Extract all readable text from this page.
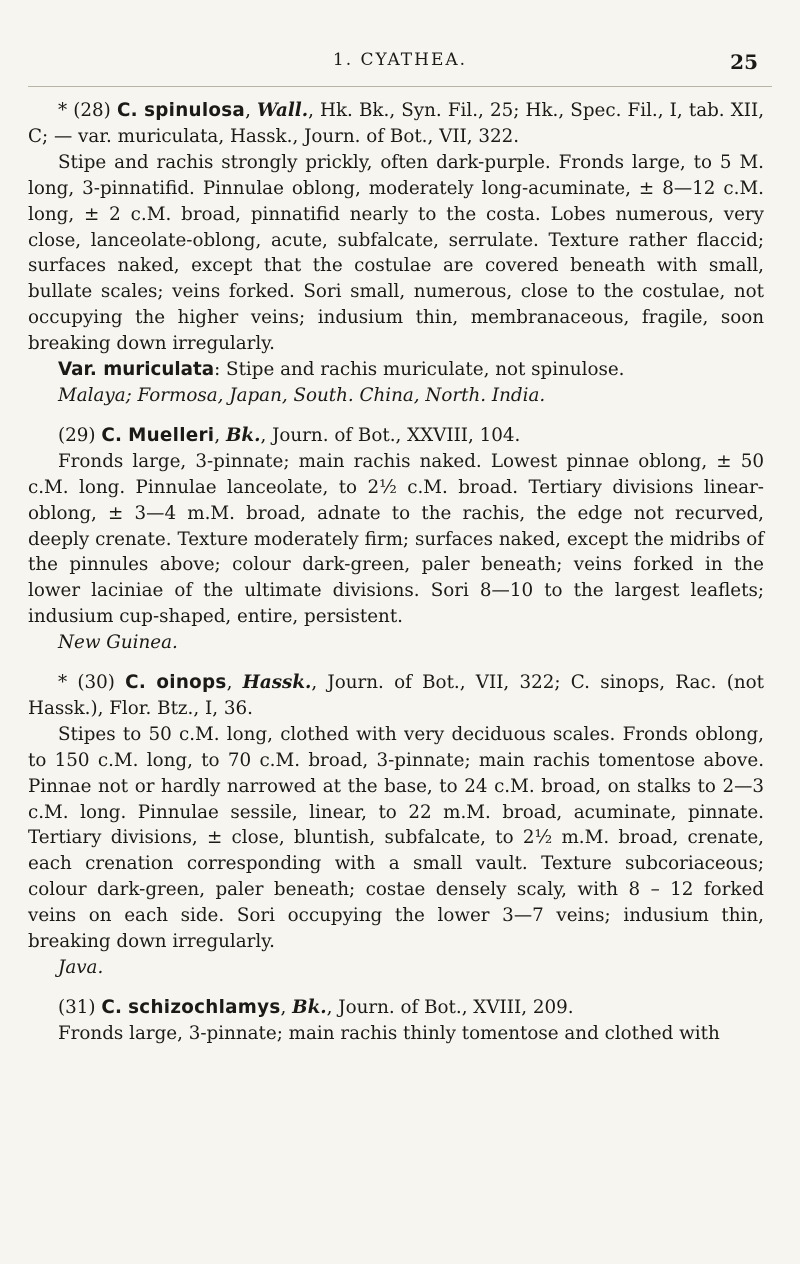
1. CYATHEA.	25

* (28) C. spinulosa, Wall., Hk. Bk., Syn. Fil., 25; Hk., Spec. Fil., I, tab. XII, C; — var. muriculata, Hassk., Journ. of Bot., VII, 322.

Stipe and rachis strongly prickly, often dark-purple. Fronds large, to 5 M. long, 3-pinnatifid. Pinnulae oblong, moderately long-acuminate, ± 8—12 c.M. long, ± 2 c.M. broad, pinnatifid nearly to the costa. Lobes numerous, very close, lanceolate-oblong, acute, subfalcate, serrulate. Texture rather flaccid; surfaces naked, except that the costulae are covered beneath with small, bullate scales; veins forked. Sori small, numerous, close to the costulae, not occupying the higher veins; indusium thin, membranaceous, fragile, soon breaking down irregularly.

Var. muriculata: Stipe and rachis muriculate, not spinulose.

Malaya; Formosa, Japan, South. China, North. India.

(29) C. Muelleri, Bk., Journ. of Bot., XXVIII, 104.

Fronds large, 3-pinnate; main rachis naked. Lowest pinnae oblong, ± 50 c.M. long. Pinnulae lanceolate, to 2½ c.M. broad. Tertiary divisions linear-oblong, ± 3—4 m.M. broad, adnate to the rachis, the edge not recurved, deeply crenate. Texture moderately firm; surfaces naked, except the midribs of the pinnules above; colour dark-green, paler beneath; veins forked in the lower laciniae of the ultimate divisions. Sori 8—10 to the largest leaflets; indusium cup-shaped, entire, persistent.

New Guinea.

* (30) C. oinops, Hassk., Journ. of Bot., VII, 322; C. sinops, Rac. (not Hassk.), Flor. Btz., I, 36.

Stipes to 50 c.M. long, clothed with very deciduous scales. Fronds oblong, to 150 c.M. long, to 70 c.M. broad, 3-pinnate; main rachis tomentose above. Pinnae not or hardly narrowed at the base, to 24 c.M. broad, on stalks to 2—3 c.M. long. Pinnulae sessile, linear, to 22 m.M. broad, acuminate, pinnate. Tertiary divisions, ± close, bluntish, subfalcate, to 2½ m.M. broad, crenate, each crenation corresponding with a small vault. Texture subcoriaceous; colour dark-green, paler beneath; costae densely scaly, with 8 – 12 forked veins on each side. Sori occupying the lower 3—7 veins; indusium thin, breaking down irregularly.

Java.

(31) C. schizochlamys, Bk., Journ. of Bot., XVIII, 209.

Fronds large, 3-pinnate; main rachis thinly tomentose and clothed with
